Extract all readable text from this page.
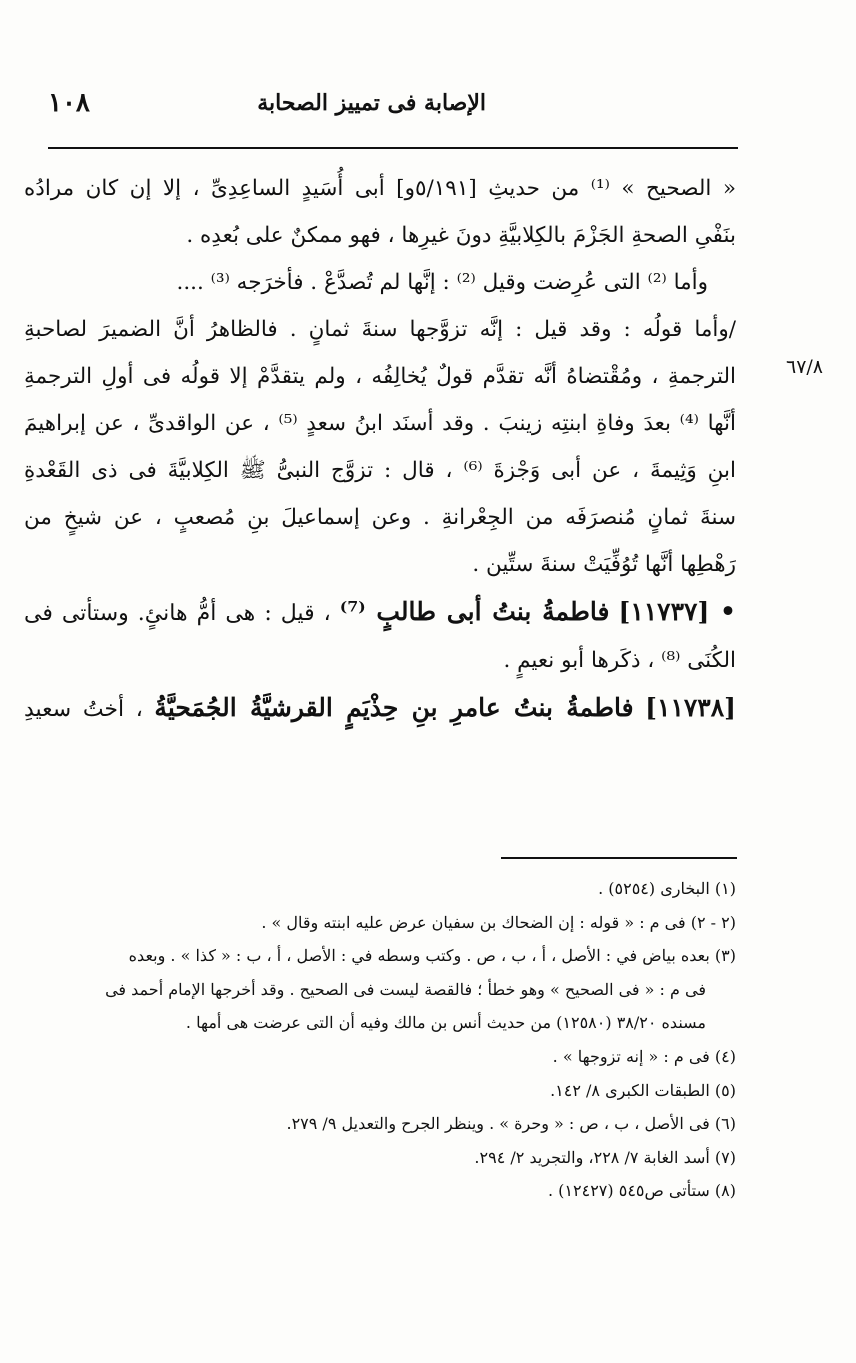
١٠٨	الإصابة فى تمييز الصحابة
٦٧/٨
« الصحيح » ⁽¹⁾ من حديثِ [٥/١٩١و] أبى أُسَيدٍ الساعِدِىِّ ، إلا إن كان مرادُه
بنَفْىِ الصحةِ الجَزْمَ بالكِلابيَّةِ دونَ غيرِها ، فهو ممكنٌ على بُعدِه .
وأما ⁽²⁾ التى عُرِضت وقيل ⁽²⁾ : إنَّها لم تُصدَّعْ . فأخرَجه ⁽³⁾ ....
/وأما قولُه : وقد قيل : إنَّه تزوَّجها سنةَ ثمانٍ . فالظاهرُ أنَّ الضميرَ لصاحبةِ
الترجمةِ ، ومُقْتضاهُ أنَّه تقدَّم قولٌ يُخالِفُه ، ولم يتقدَّمْ إلا قولُه فى أولِ الترجمةِ
أنَّها ⁽⁴⁾ بعدَ وفاةِ ابنتِه زينبَ . وقد أسنَد ابنُ سعدٍ ⁽⁵⁾ ، عن الواقدىِّ ، عن إبراهيمَ
ابنِ وَثِيمةَ ، عن أبى وَجْزةَ ⁽⁶⁾ ، قال : تزوَّج النبىُّ ﷺ الكِلابيَّةَ فى ذى القَعْدةِ
سنةَ ثمانٍ مُنصرَفَه من الجِعْرانةِ . وعن إسماعيلَ بنِ مُصعبٍ ، عن شيخٍ من
رَهْطِها أنَّها تُوُفِّيَتْ سنةَ ستِّين .
• [١١٧٣٧] فاطمةُ بنتُ أبى طالبٍ ⁽⁷⁾ ، قيل : هى أمُّ هانئٍ. وستأتى فى
الكُنَى ⁽⁸⁾ ، ذكَرها أبو نعيمٍ .
[١١٧٣٨] فاطمةُ بنتُ عامرِ بنِ حِذْيَمٍ القرشيَّةُ الجُمَحيَّةُ ، أختُ سعيدِ
(١) البخارى (٥٢٥٤) .
(٢ - ٢) فى م : « قوله : إن الضحاك بن سفيان عرض عليه ابنته وقال » .
(٣) بعده بياض في : الأصل ، أ ، ب ، ص . وكتب وسطه في : الأصل ، أ ، ب : « كذا » . وبعده
فى م : « فى الصحيح » وهو خطأ ؛ فالقصة ليست فى الصحيح . وقد أخرجها الإمام أحمد فى
مسنده ٣٨/٢٠ (١٢٥٨٠) من حديث أنس بن مالك وفيه أن التى عرضت هى أمها .
(٤) فى م : « إنه تزوجها » .
(٥) الطبقات الكبرى ٨/ ١٤٢.
(٦) فى الأصل ، ب ، ص : « وحرة » . وينظر الجرح والتعديل ٩/ ٢٧٩.
(٧) أسد الغابة ٧/ ٢٢٨، والتجريد ٢/ ٢٩٤.
(٨) ستأتى ص٥٤٥ (١٢٤٢٧) .
